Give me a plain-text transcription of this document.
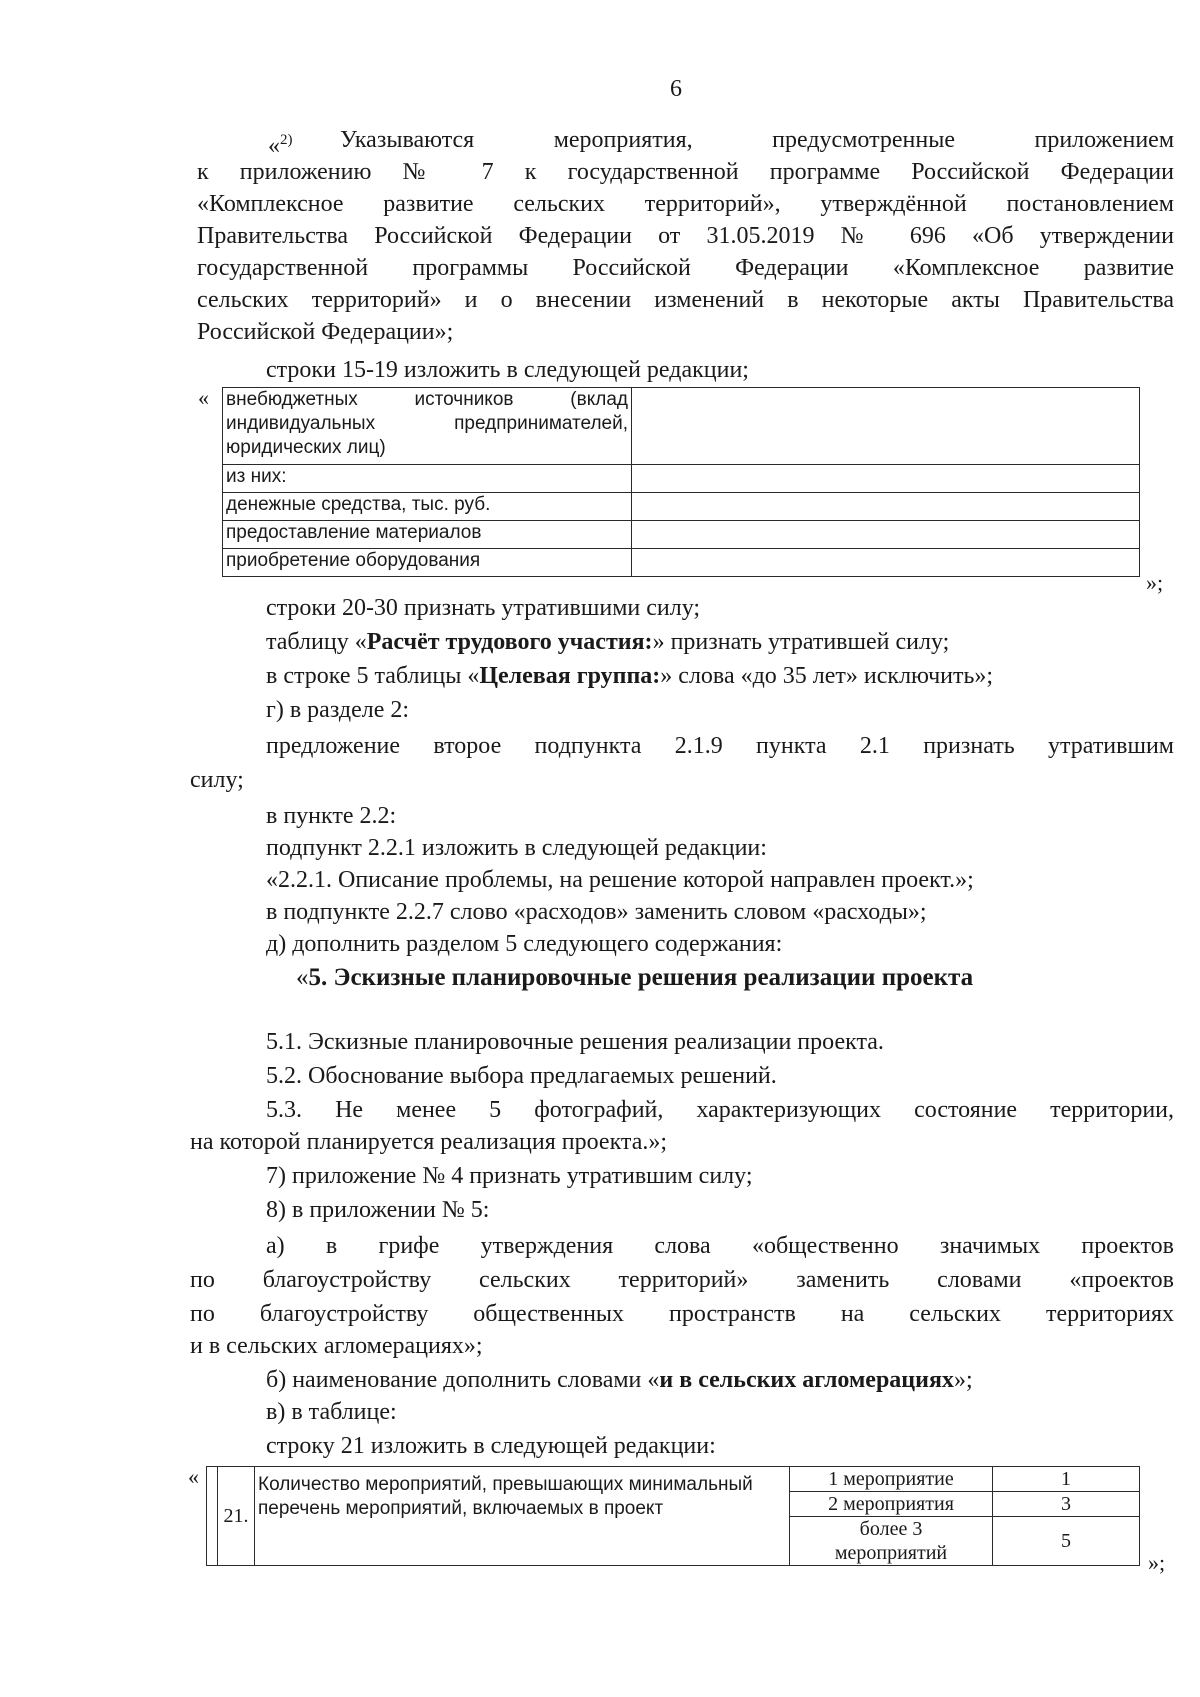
6
«$^{2)}$ Указываются мероприятия, предусмотренные приложением
к приложению № 7 к государственной программе Российской Федерации
«Комплексное развитие сельских территорий», утверждённой постановлением
Правительства Российской Федерации от 31.05.2019 № 696 «Об утверждении
государственной программы Российской Федерации «Комплексное развитие
сельских территорий» и о внесении изменений в некоторые акты Правительства
Российской Федерации»;
строки 15-19 изложить в следующей редакции;
« внебюджетных источников (вклад индивидуальных предпринимателей, юридических лиц)	
из них:	
денежные средства, тыс. руб.	
предоставление материалов	
приобретение оборудования	
»;
строки 20-30 признать утратившими силу;
таблицу «Расчёт трудового участия:» признать утратившей силу;
в строке 5 таблицы «Целевая группа:» слова «до 35 лет» исключить»;
г) в разделе 2:
предложение второе подпункта 2.1.9 пункта 2.1 признать утратившим
силу;
в пункте 2.2:
подпункт 2.2.1 изложить в следующей редакции:
«2.2.1. Описание проблемы, на решение которой направлен проект.»;
в подпункте 2.2.7 слово «расходов» заменить словом «расходы»;
д) дополнить разделом 5 следующего содержания:
«5. Эскизные планировочные решения реализации проекта
5.1. Эскизные планировочные решения реализации проекта.
5.2. Обоснование выбора предлагаемых решений.
5.3. Не менее 5 фотографий, характеризующих состояние территории,
на которой планируется реализация проекта.»;
7) приложение № 4 признать утратившим силу;
8) в приложении № 5:
а) в грифе утверждения слова «общественно значимых проектов
по благоустройству сельских территорий» заменить словами «проектов
по благоустройству общественных пространств на сельских территориях
и в сельских агломерациях»;
б) наименование дополнить словами «и в сельских агломерациях»;
в) в таблице:
строку 21 изложить в следующей редакции:
«
	21.	Количество мероприятий, превышающих минимальный перечень мероприятий, включаемых в проект	1 мероприятие	1
			2 мероприятия	3
			более 3 мероприятий	5
»;
